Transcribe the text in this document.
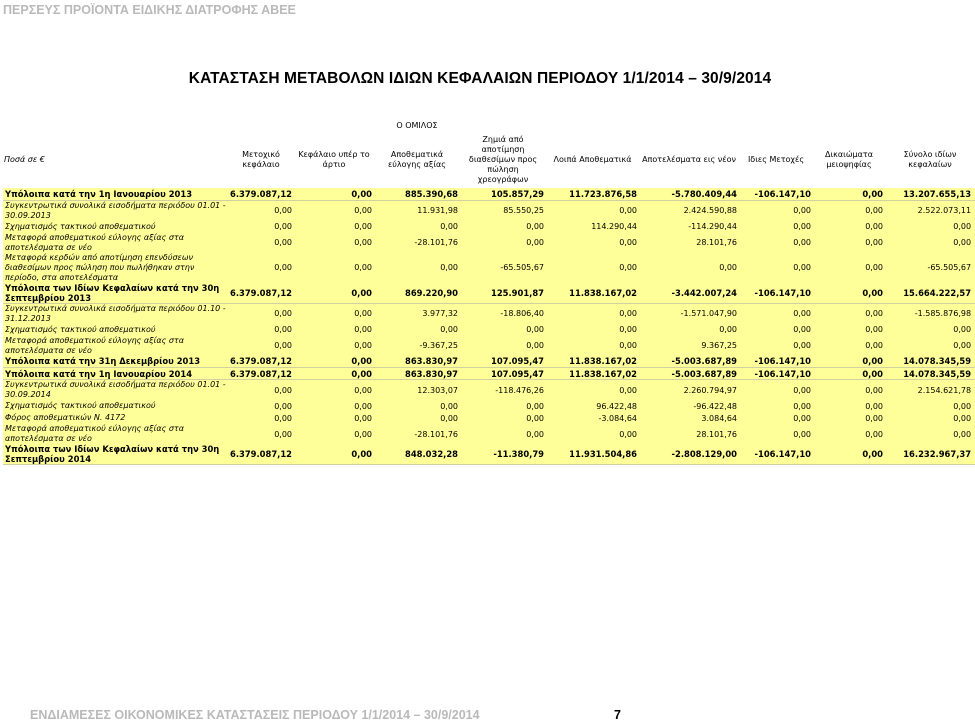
ΠΕΡΣΕΥΣ ΠΡΟΪΟΝΤΑ ΕΙΔΙΚΗΣ ΔΙΑΤΡΟΦΗΣ ΑΒΕΕ
ΚΑΤΑΣΤΑΣΗ ΜΕΤΑΒΟΛΩΝ ΙΔΙΩΝ ΚΕΦΑΛΑΙΩΝ ΠΕΡΙΟΔΟΥ 1/1/2014 – 30/9/2014
			Ο ΟΜΙΛΟΣ						
Ποσά σε €	Μετοχικό κεφάλαιο	Κεφάλαιο υπέρ το άρτιο	Αποθεματικά εύλογης αξίας	Ζημιά από αποτίμηση διαθεσίμων προς πώληση χρεογράφων	Λοιπά Αποθεματικά	Αποτελέσματα εις νέον	Ιδιες Μετοχές	Δικαιώματα μειοψηφίας	Σύνολο ιδίων κεφαλαίων
Υπόλοιπα κατά την 1η Ιανουαρίου 2013	6.379.087,12	0,00	885.390,68	105.857,29	11.723.876,58	-5.780.409,44	-106.147,10	0,00	13.207.655,13
Συγκεντρωτικά συνολικά εισοδήματα περιόδου 01.01 - 30.09.2013	0,00	0,00	11.931,98	85.550,25	0,00	2.424.590,88	0,00	0,00	2.522.073,11
Σχηματισμός τακτικού αποθεματικού	0,00	0,00	0,00	0,00	114.290,44	-114.290,44	0,00	0,00	0,00
Μεταφορά αποθεματικού εύλογης αξίας στα αποτελέσματα σε νέο	0,00	0,00	-28.101,76	0,00	0,00	28.101,76	0,00	0,00	0,00
Μεταφορά κερδών από αποτίμηση επενδύσεων διαθεσίμων προς πώληση που πωλήθηκαν στην περίοδο, στα αποτελέσματα	0,00	0,00	0,00	-65.505,67	0,00	0,00	0,00	0,00	-65.505,67
Υπόλοιπα των Ιδίων Κεφαλαίων κατά την 30η Σεπτεμβρίου 2013	6.379.087,12	0,00	869.220,90	125.901,87	11.838.167,02	-3.442.007,24	-106.147,10	0,00	15.664.222,57
Συγκεντρωτικά συνολικά εισοδήματα περιόδου 01.10 - 31.12.2013	0,00	0,00	3.977,32	-18.806,40	0,00	-1.571.047,90	0,00	0,00	-1.585.876,98
Σχηματισμός τακτικού αποθεματικού	0,00	0,00	0,00	0,00	0,00	0,00	0,00	0,00	0,00
Μεταφορά αποθεματικού εύλογης αξίας στα αποτελέσματα σε νέο	0,00	0,00	-9.367,25	0,00	0,00	9.367,25	0,00	0,00	0,00
Υπόλοιπα κατά την 31η Δεκεμβρίου 2013	6.379.087,12	0,00	863.830,97	107.095,47	11.838.167,02	-5.003.687,89	-106.147,10	0,00	14.078.345,59
Υπόλοιπα κατά την 1η Ιανουαρίου 2014	6.379.087,12	0,00	863.830,97	107.095,47	11.838.167,02	-5.003.687,89	-106.147,10	0,00	14.078.345,59
Συγκεντρωτικά συνολικά εισοδήματα περιόδου 01.01 - 30.09.2014	0,00	0,00	12.303,07	-118.476,26	0,00	2.260.794,97	0,00	0,00	2.154.621,78
Σχηματισμός τακτικού αποθεματικού	0,00	0,00	0,00	0,00	96.422,48	-96.422,48	0,00	0,00	0,00
Φόρος αποθεματικών Ν. 4172	0,00	0,00	0,00	0,00	-3.084,64	3.084,64	0,00	0,00	0,00
Μεταφορά αποθεματικού εύλογης αξίας στα αποτελέσματα σε νέο	0,00	0,00	-28.101,76	0,00	0,00	28.101,76	0,00	0,00	0,00
Υπόλοιπα των Ιδίων Κεφαλαίων κατά την 30η Σεπτεμβρίου 2014	6.379.087,12	0,00	848.032,28	-11.380,79	11.931.504,86	-2.808.129,00	-106.147,10	0,00	16.232.967,37
ΕΝΔΙΑΜΕΣΕΣ ΟΙΚΟΝΟΜΙΚΕΣ ΚΑΤΑΣΤΑΣΕΙΣ ΠΕΡΙΟΔΟΥ 1/1/2014 – 30/9/2014	7
